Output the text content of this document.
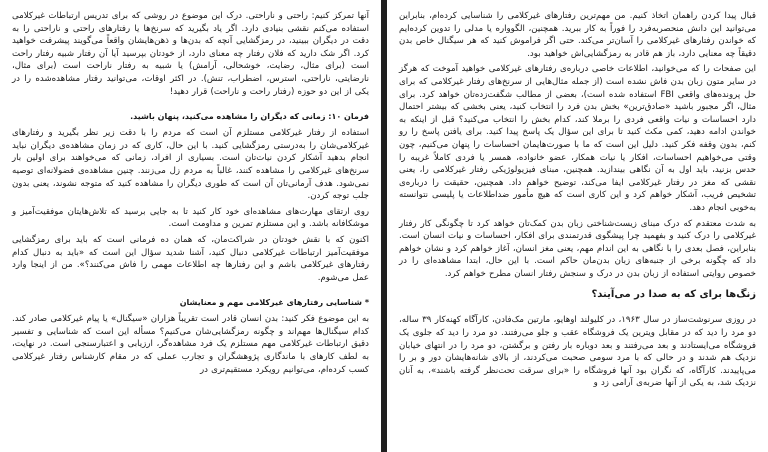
آنها تمرکز کنیم: راحتی و ناراحتی. درک این موضوع در روشی که برای تدریس ارتباطات غیرکلامی استفاده می‌کنم نقشی بنیادی دارد. اگر یاد بگیرید که سرنخ‌ها یا رفتارهای راحتی و ناراحتی را به دقت در دیگران ببینید، در رمزگشایی آنچه که بدن‌ها و ذهن‌هایشان واقعاً می‌گویند پیشرفت خواهید کرد. اگر شک دارید که فلان رفتار چه معنای دارد، از خودتان بپرسید آیا آن رفتار شبیه رفتار راحت است (برای مثال، رضایت، خوشحالی، آرامش) یا شبیه به رفتار ناراحت است (برای مثال، نارضایتی، ناراحتی، استرس، اضطراب، تنش). در اکثر اوقات، می‌توانید رفتار مشاهده‌شده را در یکی از این دو حوزه (رفتار راحت و ناراحت) قرار دهید!

فرمان ۱۰: زمانی که دیگران را مشاهده می‌کنید، پنهان باشید.

استفاده از رفتار غیرکلامی مستلزم آن است که مردم را با دقت زیر نظر بگیرید و رفتارهای غیرکلامی‌شان را به‌درستی رمزگشایی کنید. با این حال، کاری که در زمان مشاهده‌ی دیگران نباید انجام بدهید آشکار کردن نیات‌تان است. بسیاری از افراد، زمانی که می‌خواهند برای اولین بار سرنخ‌های غیرکلامی را مشاهده کنند، غالباً به مردم زل می‌زنند. چنین مشاهده‌ی فضولانه‌ای توصیه نمی‌شود. هدف آرمانی‌تان آن است که طوری دیگران را مشاهده کنید که متوجه نشوند، یعنی بدون جلب توجه کردن.

روی ارتقای مهارت‌های مشاهده‌ای خود کار کنید تا به جایی برسید که تلاش‌هایتان موفقیت‌آمیز و موشکافانه باشد. و این مستلزم تمرین و مداومت است.

اکنون که با نقش خودتان در شراکت‌مان، که همان ده فرمانی است که باید برای رمزگشایی موفقیت‌آمیز ارتباطات غیرکلامی دنبال کنید، آشنا شدید سؤال این است که «باید به دنبال کدام رفتارهای غیرکلامی باشم و این رفتارها چه اطلاعات مهمی را فاش می‌کنند؟». من از اینجا وارد عمل می‌شوم.

* شناسایی رفتارهای غیرکلامی مهم و معنایشان

به این موضوع فکر کنید: بدن انسان قادر است تقریباً هزاران «سیگنال» یا پیام غیرکلامی صادر کند. کدام سیگنال‌ها مهم‌اند و چگونه رمزگشایی‌شان می‌کنیم؟ مسأله این است که شناسایی و تفسیر دقیق ارتباطات غیرکلامی مهم مستلزم یک فرد مشاهده‌گر، ارزیابی و اعتبارسنجی است. در نهایت، به لطف کارهای با ماندگاری پژوهشگران و تجارب عملی که در مقام کارشناس رفتار غیرکلامی کسب کرده‌ام، می‌توانیم رویکرد مستقیم‌تری در

قبال پیدا کردن راهمان اتخاذ کنیم. من مهم‌ترین رفتارهای غیرکلامی را شناسایی کرده‌ام، بنابراین می‌توانید این دانش منحصربه‌فرد را فوراً به کار ببرید. همچنین، الگوواره یا مدلی را تدوین کرده‌ایم که خواندن رفتارهای غیرکلامی را آسان‌تر می‌کند. حتی اگر فراموش کنید که هر سیگنال خاص بدن دقیقاً چه معنایی دارد، باز هم قادر به رمزگشایی‌اش خواهید بود.

این صفحات را که می‌خوانید، اطلاعات خاصی درباره‌ی رفتارهای غیرکلامی خواهید آموخت که هرگز در سایر متون زبان بدن فاش نشده است (از جمله مثال‌هایی از سرنخ‌های رفتار غیرکلامی که برای حل پرونده‌های واقعی FBI استفاده شده است)، بعضی از مطالب شگفت‌زده‌تان خواهد کرد. برای مثال، اگر مجبور باشید «صادق‌ترین» بخش بدن فرد را انتخاب کنید، یعنی بخشی که بیشتر احتمال دارد احساسات و نیات واقعی فردی را برملا کند، کدام بخش را انتخاب می‌کنید؟ قبل از اینکه به خواندن ادامه دهید، کمی مکث کنید تا برای این سؤال یک پاسخ پیدا کنید. برای یافتن پاسخ را رو کنم، بدون وقفه فکر کنید. دلیل این است که ما با صورت‌هایمان احساسات را پنهان می‌کنیم، چون وقتی می‌خواهیم احساسات، افکار یا نیات همکار، عضو خانواده، همسر یا فردی کاملاً غریبه را حدس بزنید، باید اول به آن نگاهی بیندازید. همچنین، مبنای فیزیولوژیکی رفتار غیرکلامی را، یعنی نقشی که مغز در رفتار غیرکلامی ایفا می‌کند، توضیح خواهم داد. همچنین، حقیقت را درباره‌ی تشخیص فریب، آشکار خواهم کرد و این کاری است که هیچ مأمور ضداطلاعات یا پلیسی نتوانسته به‌خوبی انجام دهد.

به شدت معتقدم که درک مبنای زیست‌شناختی زبان بدن کمک‌تان خواهد کرد تا چگونگی کار رفتار غیرکلامی را درک کنید و بفهمید چرا پیشگوی قدرتمندی برای افکار، احساسات و نیات انسان است. بنابراین، فصل بعدی را با نگاهی به این اندام مهم، یعنی مغز انسان، آغاز خواهم کرد و نشان خواهم داد که چگونه برخی از جنبه‌های زبان بدن‌مان حاکم است. با این حال، ابتدا مشاهده‌ای را در خصوص روایتی استفاده از زبان بدن در درک و سنجش رفتار انسان مطرح خواهم کرد.

زنگ‌ها برای که به صدا در می‌آیند؟

در روزی سرنوشت‌ساز در سال ۱۹۶۳، در کلیولند اوهایو، مارتین مک‌فادن، کارآگاه کهنه‌کار ۳۹ ساله، دو مرد را دید که در مقابل ویترین یک فروشگاه عقب و جلو می‌رفتند. دو مرد را دید که جلوی یک فروشگاه می‌ایستادند و بعد می‌رفتند و بعد دوباره بار رفتن و برگشتن، دو مرد را در انتهای خیابان نزدیک هم شدند و در حالی که با مرد سومی صحبت می‌کردند، از بالای شانه‌هایشان دور و بر را می‌پاییدند. کارآگاه، که نگران بود آنها فروشگاه را «برای سرقت تحت‌نظر گرفته باشند»، به آنان نزدیک شد، به یکی از آنها ضربه‌ی آرامی زد و
